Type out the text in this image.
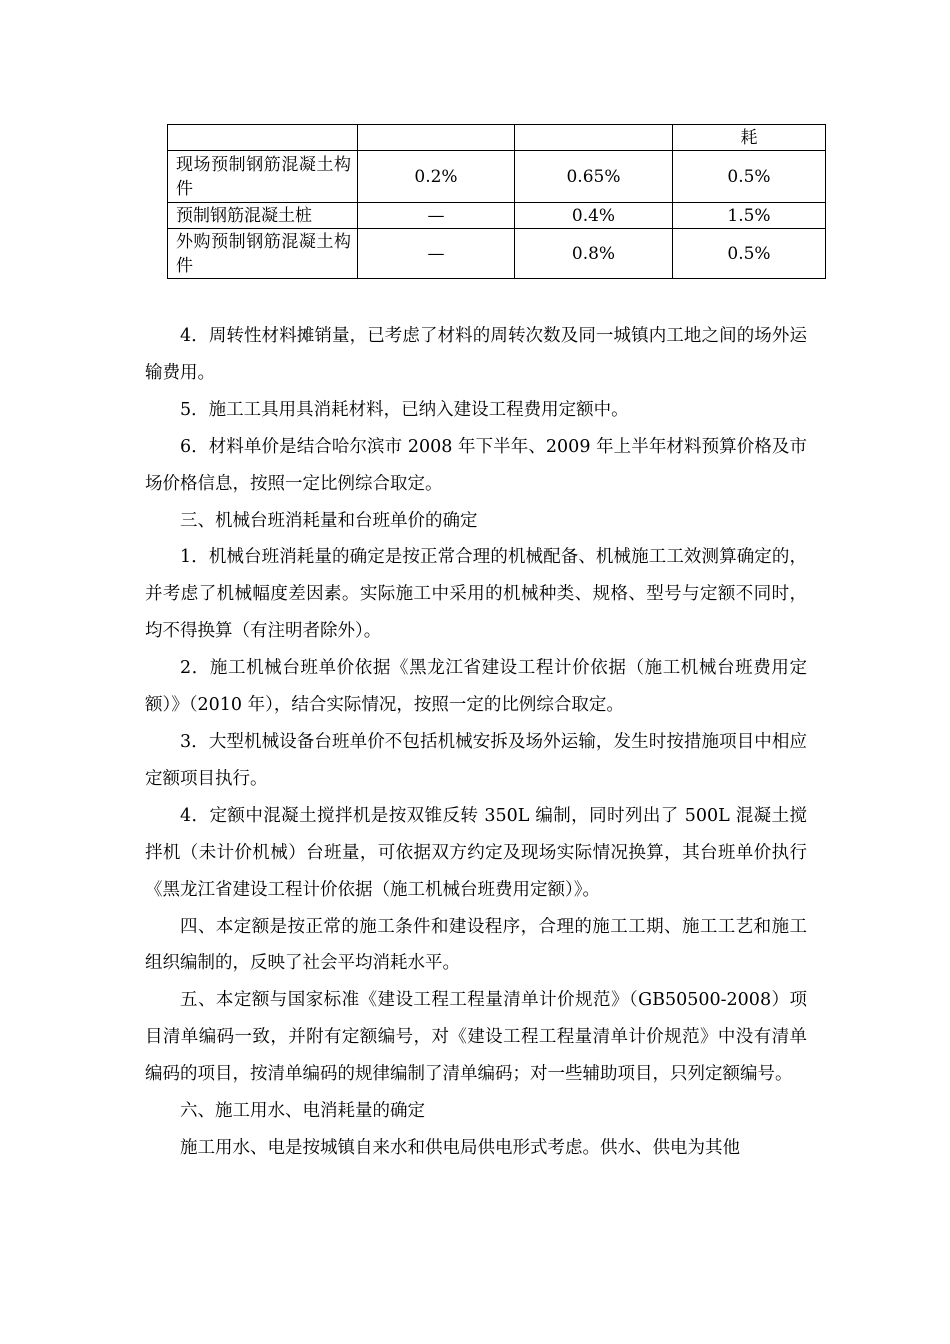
			耗
现场预制钢筋混凝土构件	0.2%	0.65%	0.5%
预制钢筋混凝土桩	—	0.4%	1.5%
外购预制钢筋混凝土构件	—	0.8%	0.5%

4．周转性材料摊销量，已考虑了材料的周转次数及同一城镇内工地之间的场外运输费用。

5．施工工具用具消耗材料，已纳入建设工程费用定额中。

6．材料单价是结合哈尔滨市 2008 年下半年、2009 年上半年材料预算价格及市场价格信息，按照一定比例综合取定。

三、机械台班消耗量和台班单价的确定

1．机械台班消耗量的确定是按正常合理的机械配备、机械施工工效测算确定的，并考虑了机械幅度差因素。实际施工中采用的机械种类、规格、型号与定额不同时，均不得换算（有注明者除外）。

2．施工机械台班单价依据《黑龙江省建设工程计价依据（施工机械台班费用定额）》（2010 年），结合实际情况，按照一定的比例综合取定。

3．大型机械设备台班单价不包括机械安拆及场外运输，发生时按措施项目中相应定额项目执行。

4．定额中混凝土搅拌机是按双锥反转 350L 编制，同时列出了 500L 混凝土搅拌机（未计价机械）台班量，可依据双方约定及现场实际情况换算，其台班单价执行《黑龙江省建设工程计价依据（施工机械台班费用定额）》。

四、本定额是按正常的施工条件和建设程序，合理的施工工期、施工工艺和施工组织编制的，反映了社会平均消耗水平。

五、本定额与国家标准《建设工程工程量清单计价规范》（GB50500-2008）项目清单编码一致，并附有定额编号，对《建设工程工程量清单计价规范》中没有清单编码的项目，按清单编码的规律编制了清单编码；对一些辅助项目，只列定额编号。

六、施工用水、电消耗量的确定

施工用水、电是按城镇自来水和供电局供电形式考虑。供水、供电为其他
